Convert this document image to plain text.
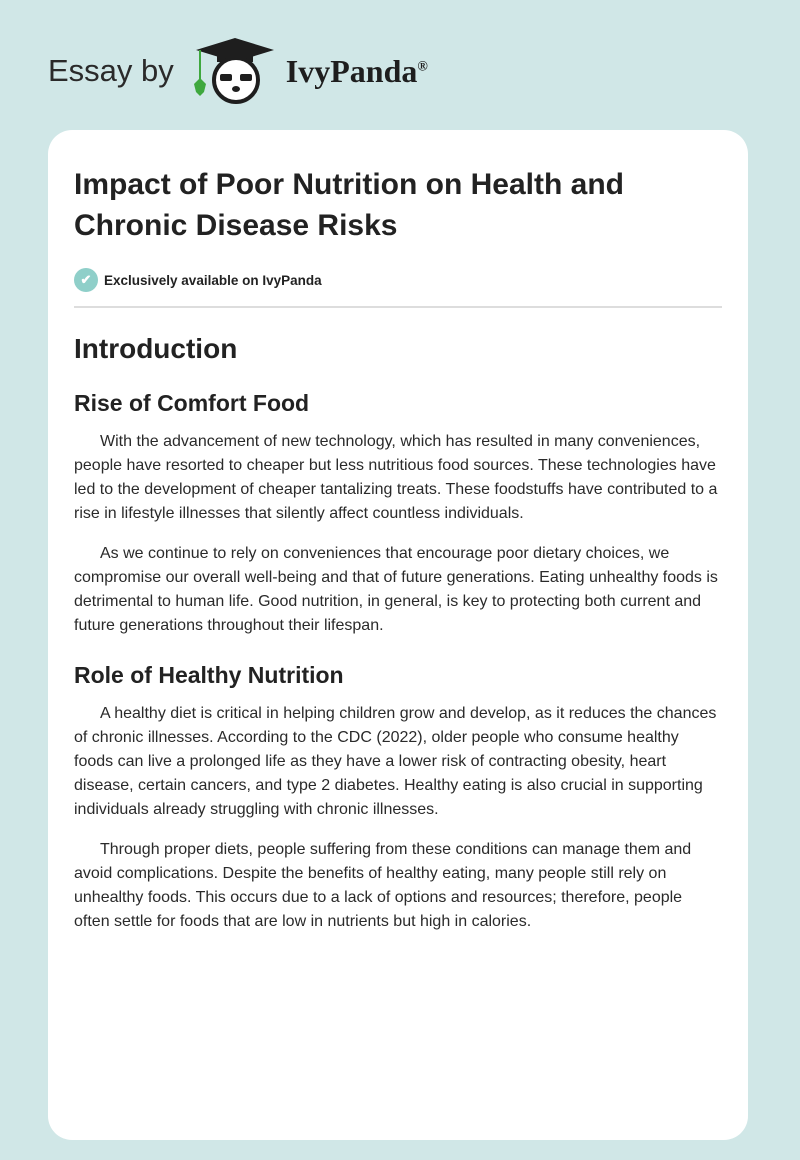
Essay by	IvyPanda®
Impact of Poor Nutrition on Health and Chronic Disease Risks
✔ Exclusively available on IvyPanda
Introduction
Rise of Comfort Food

With the advancement of new technology, which has resulted in many conveniences, people have resorted to cheaper but less nutritious food sources. These technologies have led to the development of cheaper tantalizing treats. These foodstuffs have contributed to a rise in lifestyle illnesses that silently affect countless individuals.

As we continue to rely on conveniences that encourage poor dietary choices, we compromise our overall well-being and that of future generations. Eating unhealthy foods is detrimental to human life. Good nutrition, in general, is key to protecting both current and future generations throughout their lifespan.

Role of Healthy Nutrition

A healthy diet is critical in helping children grow and develop, as it reduces the chances of chronic illnesses. According to the CDC (2022), older people who consume healthy foods can live a prolonged life as they have a lower risk of contracting obesity, heart disease, certain cancers, and type 2 diabetes. Healthy eating is also crucial in supporting individuals already struggling with chronic illnesses.

Through proper diets, people suffering from these conditions can manage them and avoid complications. Despite the benefits of healthy eating, many people still rely on unhealthy foods. This occurs due to a lack of options and resources; therefore, people often settle for foods that are low in nutrients but high in calories.
